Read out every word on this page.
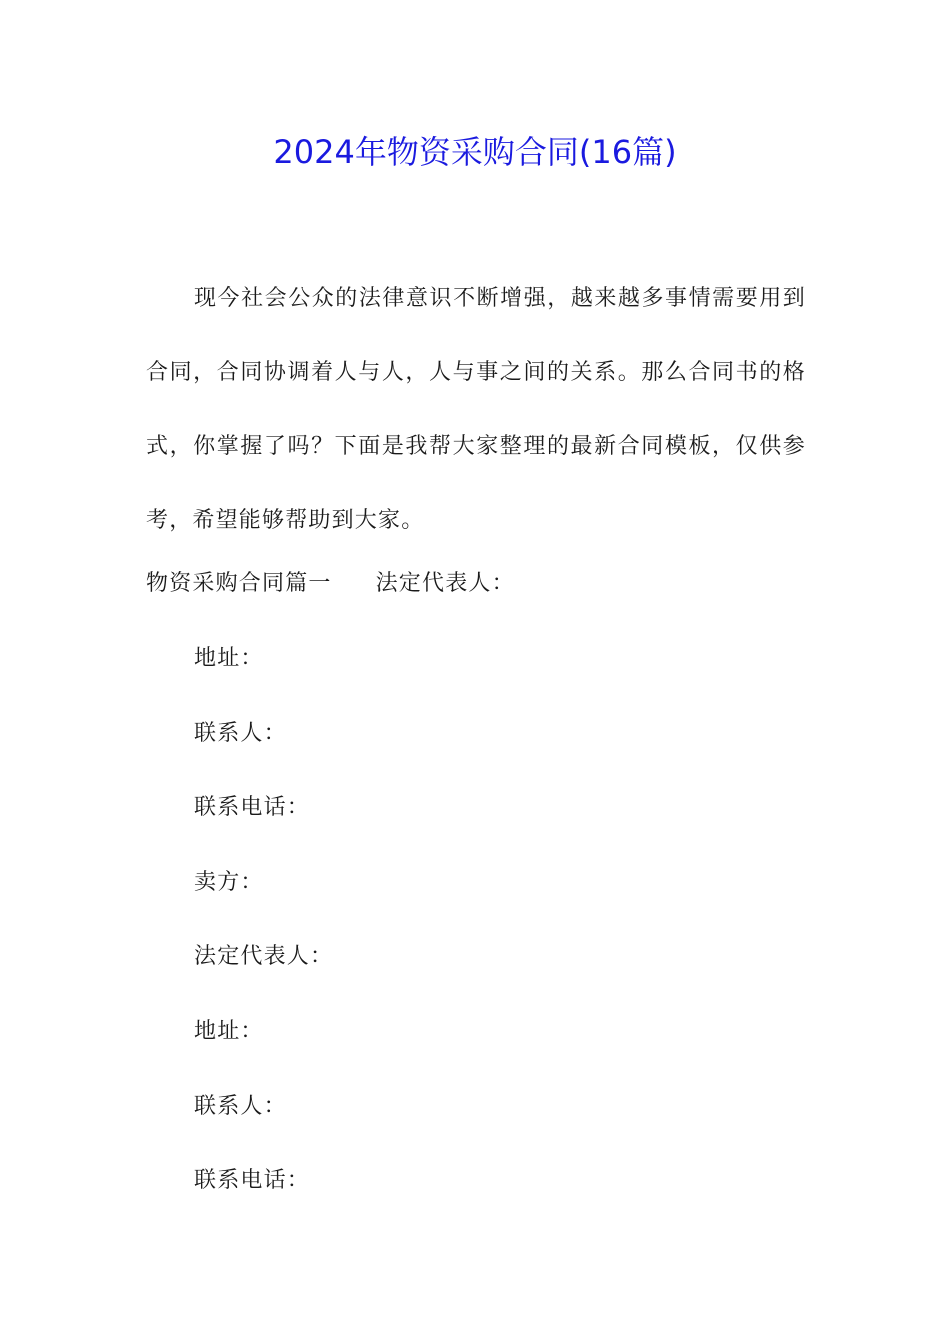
2024年物资采购合同(16篇)

现今社会公众的法律意识不断增强，越来越多事情需要用到合同，合同协调着人与人，人与事之间的关系。那么合同书的格式，你掌握了吗？下面是我帮大家整理的最新合同模板，仅供参考，希望能够帮助到大家。

物资采购合同篇一 法定代表人：
地址：
联系人：
联系电话：
卖方：
法定代表人：
地址：
联系人：
联系电话：
